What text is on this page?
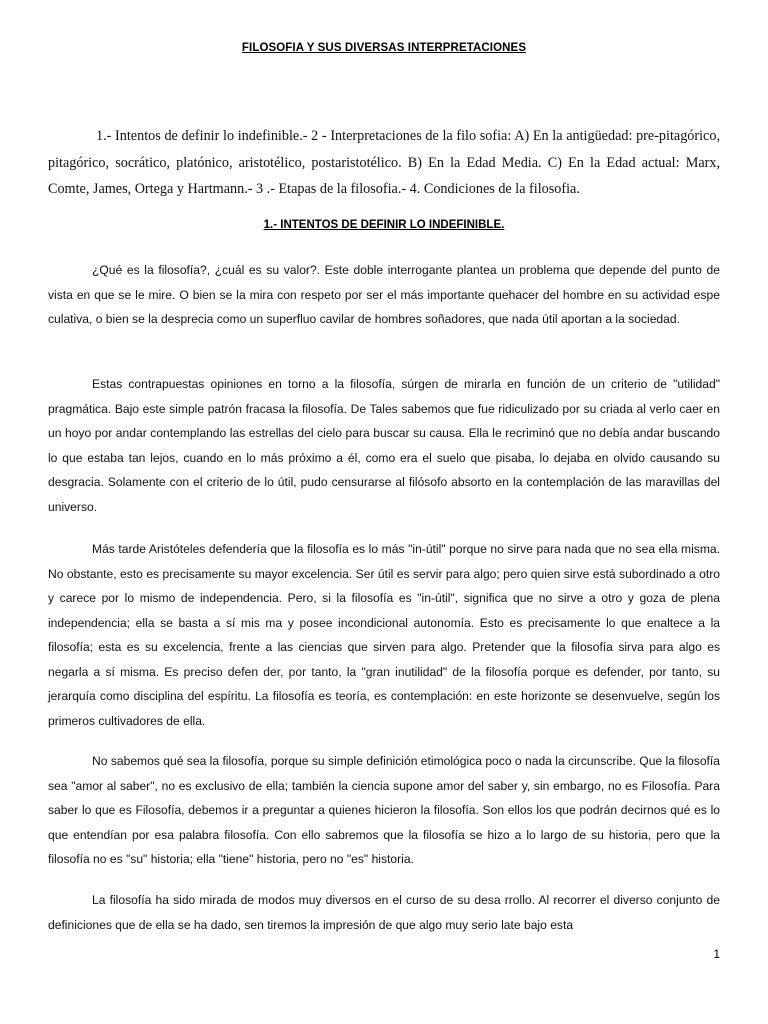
FILOSOFIA Y SUS DIVERSAS INTERPRETACIONES

1.- Intentos de definir lo indefinible.- 2 - Interpretaciones de la filo sofia: A) En la antigüedad: pre-pitagórico, pitagórico, socrático, platónico, aristotélico, postaristotélico. B) En la Edad Media. C) En la Edad actual: Marx, Comte, James, Ortega y Hartmann.- 3 .- Etapas de la filosofia.- 4. Condiciones de la filosofia.

1.- INTENTOS DE DEFINIR LO INDEFINIBLE.

¿Qué es la filosofía?, ¿cuál es su valor?. Este doble interrogante plantea un problema que depende del punto de vista en que se le mire. O bien se la mira con respeto por ser el más importante quehacer del hombre en su actividad espe culativa, o bien se la desprecia como un superfluo cavilar de hombres soñadores, que nada útil aportan a la sociedad.

Estas contrapuestas opiniones en torno a la filosofía, súrgen de mirarla en función de un criterio de "utilidad" pragmática. Bajo este simple patrón fracasa la filosofía. De Tales sabemos que fue ridiculizado por su criada al verlo caer en un hoyo por andar contemplando las estrellas del cielo para buscar su causa. Ella le recriminó que no debía andar buscando lo que estaba tan lejos, cuando en lo más próximo a él, como era el suelo que pisaba, lo dejaba en olvido causando su desgracia. Solamente con el criterio de lo útil, pudo censurarse al filósofo absorto en la contemplación de las maravillas del universo.

Más tarde Aristóteles defendería que la filosofía es lo más "in-útil" porque no sirve para nada que no sea ella misma. No obstante, esto es precisamente su mayor excelencia. Ser útil es servir para algo; pero quien sirve está subordinado a otro y carece por lo mismo de independencia. Pero, si la filosofía es "in-útil", significa que no sirve a otro y goza de plena independencia; ella se basta a sí mis ma y posee incondicional autonomía. Esto es precisamente lo que enaltece a la filosofía; esta es su excelencia, frente a las ciencias que sirven para algo. Pretender que la filosofía sirva para algo es negarla a sí misma. Es preciso defen der, por tanto, la "gran inutilidad" de la filosofía porque es defender, por tanto, su jerarquía como disciplina del espíritu. La filosofía es teoría, es contemplación: en este horizonte se desenvuelve, según los primeros cultivadores de ella.

No sabemos qué sea la filosofía, porque su simple definición etimológica poco o nada la circunscribe. Que la filosofía sea "amor al saber", no es exclusivo de ella; también la ciencia supone amor del saber y, sin embargo, no es Filosofía. Para saber lo que es Filosofía, debemos ir a preguntar a quienes hicieron la filosofía. Son ellos los que podrán decirnos qué es lo que entendían por esa palabra filosofía. Con ello sabremos que la filosofía se hizo a lo largo de su historia, pero que la filosofía no es "su" historia; ella "tiene" historia, pero no "es" historia.

La filosofía ha sido mirada de modos muy diversos en el curso de su desa rrollo. Al recorrer el diverso conjunto de definiciones que de ella se ha dado, sen tiremos la impresión de que algo muy serio late bajo esta

1
